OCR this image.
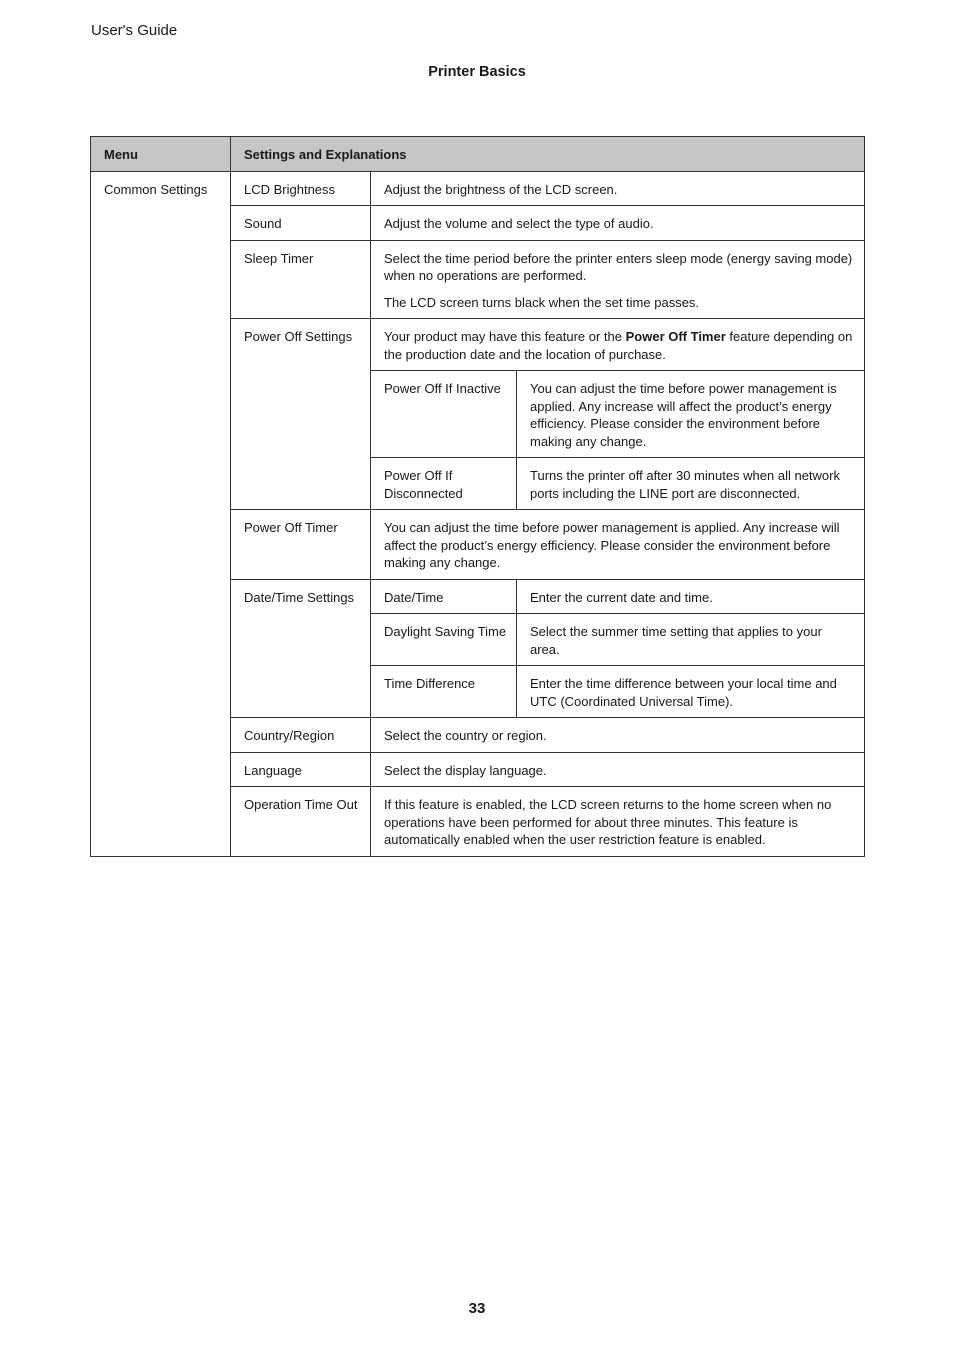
User's Guide
Printer Basics
Menu	Settings and Explanations		
Common Settings	LCD Brightness	Adjust the brightness of the LCD screen.	
	Sound	Adjust the volume and select the type of audio.	
	Sleep Timer	Select the time period before the printer enters sleep mode (energy saving mode) when no operations are performed.

The LCD screen turns black when the set time passes.	

	Power Off Settings	Your product may have this feature or the Power Off Timer feature depending on the production date and the location of purchase.	
		Power Off If Inactive	You can adjust the time before power management is applied. Any increase will affect the product’s energy efficiency. Please consider the environment before making any change.
		Power Off If Disconnected	Turns the printer off after 30 minutes when all network ports including the LINE port are disconnected.
	Power Off Timer	You can adjust the time before power management is applied. Any increase will affect the product’s energy efficiency. Please consider the environment before making any change.	
	Date/Time Settings	Date/Time	Enter the current date and time.
		Daylight Saving Time	Select the summer time setting that applies to your area.
		Time Difference	Enter the time difference between your local time and UTC (Coordinated Universal Time).
	Country/Region	Select the country or region.	
	Language	Select the display language.	
	Operation Time Out	If this feature is enabled, the LCD screen returns to the home screen when no operations have been performed for about three minutes. This feature is automatically enabled when the user restriction feature is enabled.	
33
